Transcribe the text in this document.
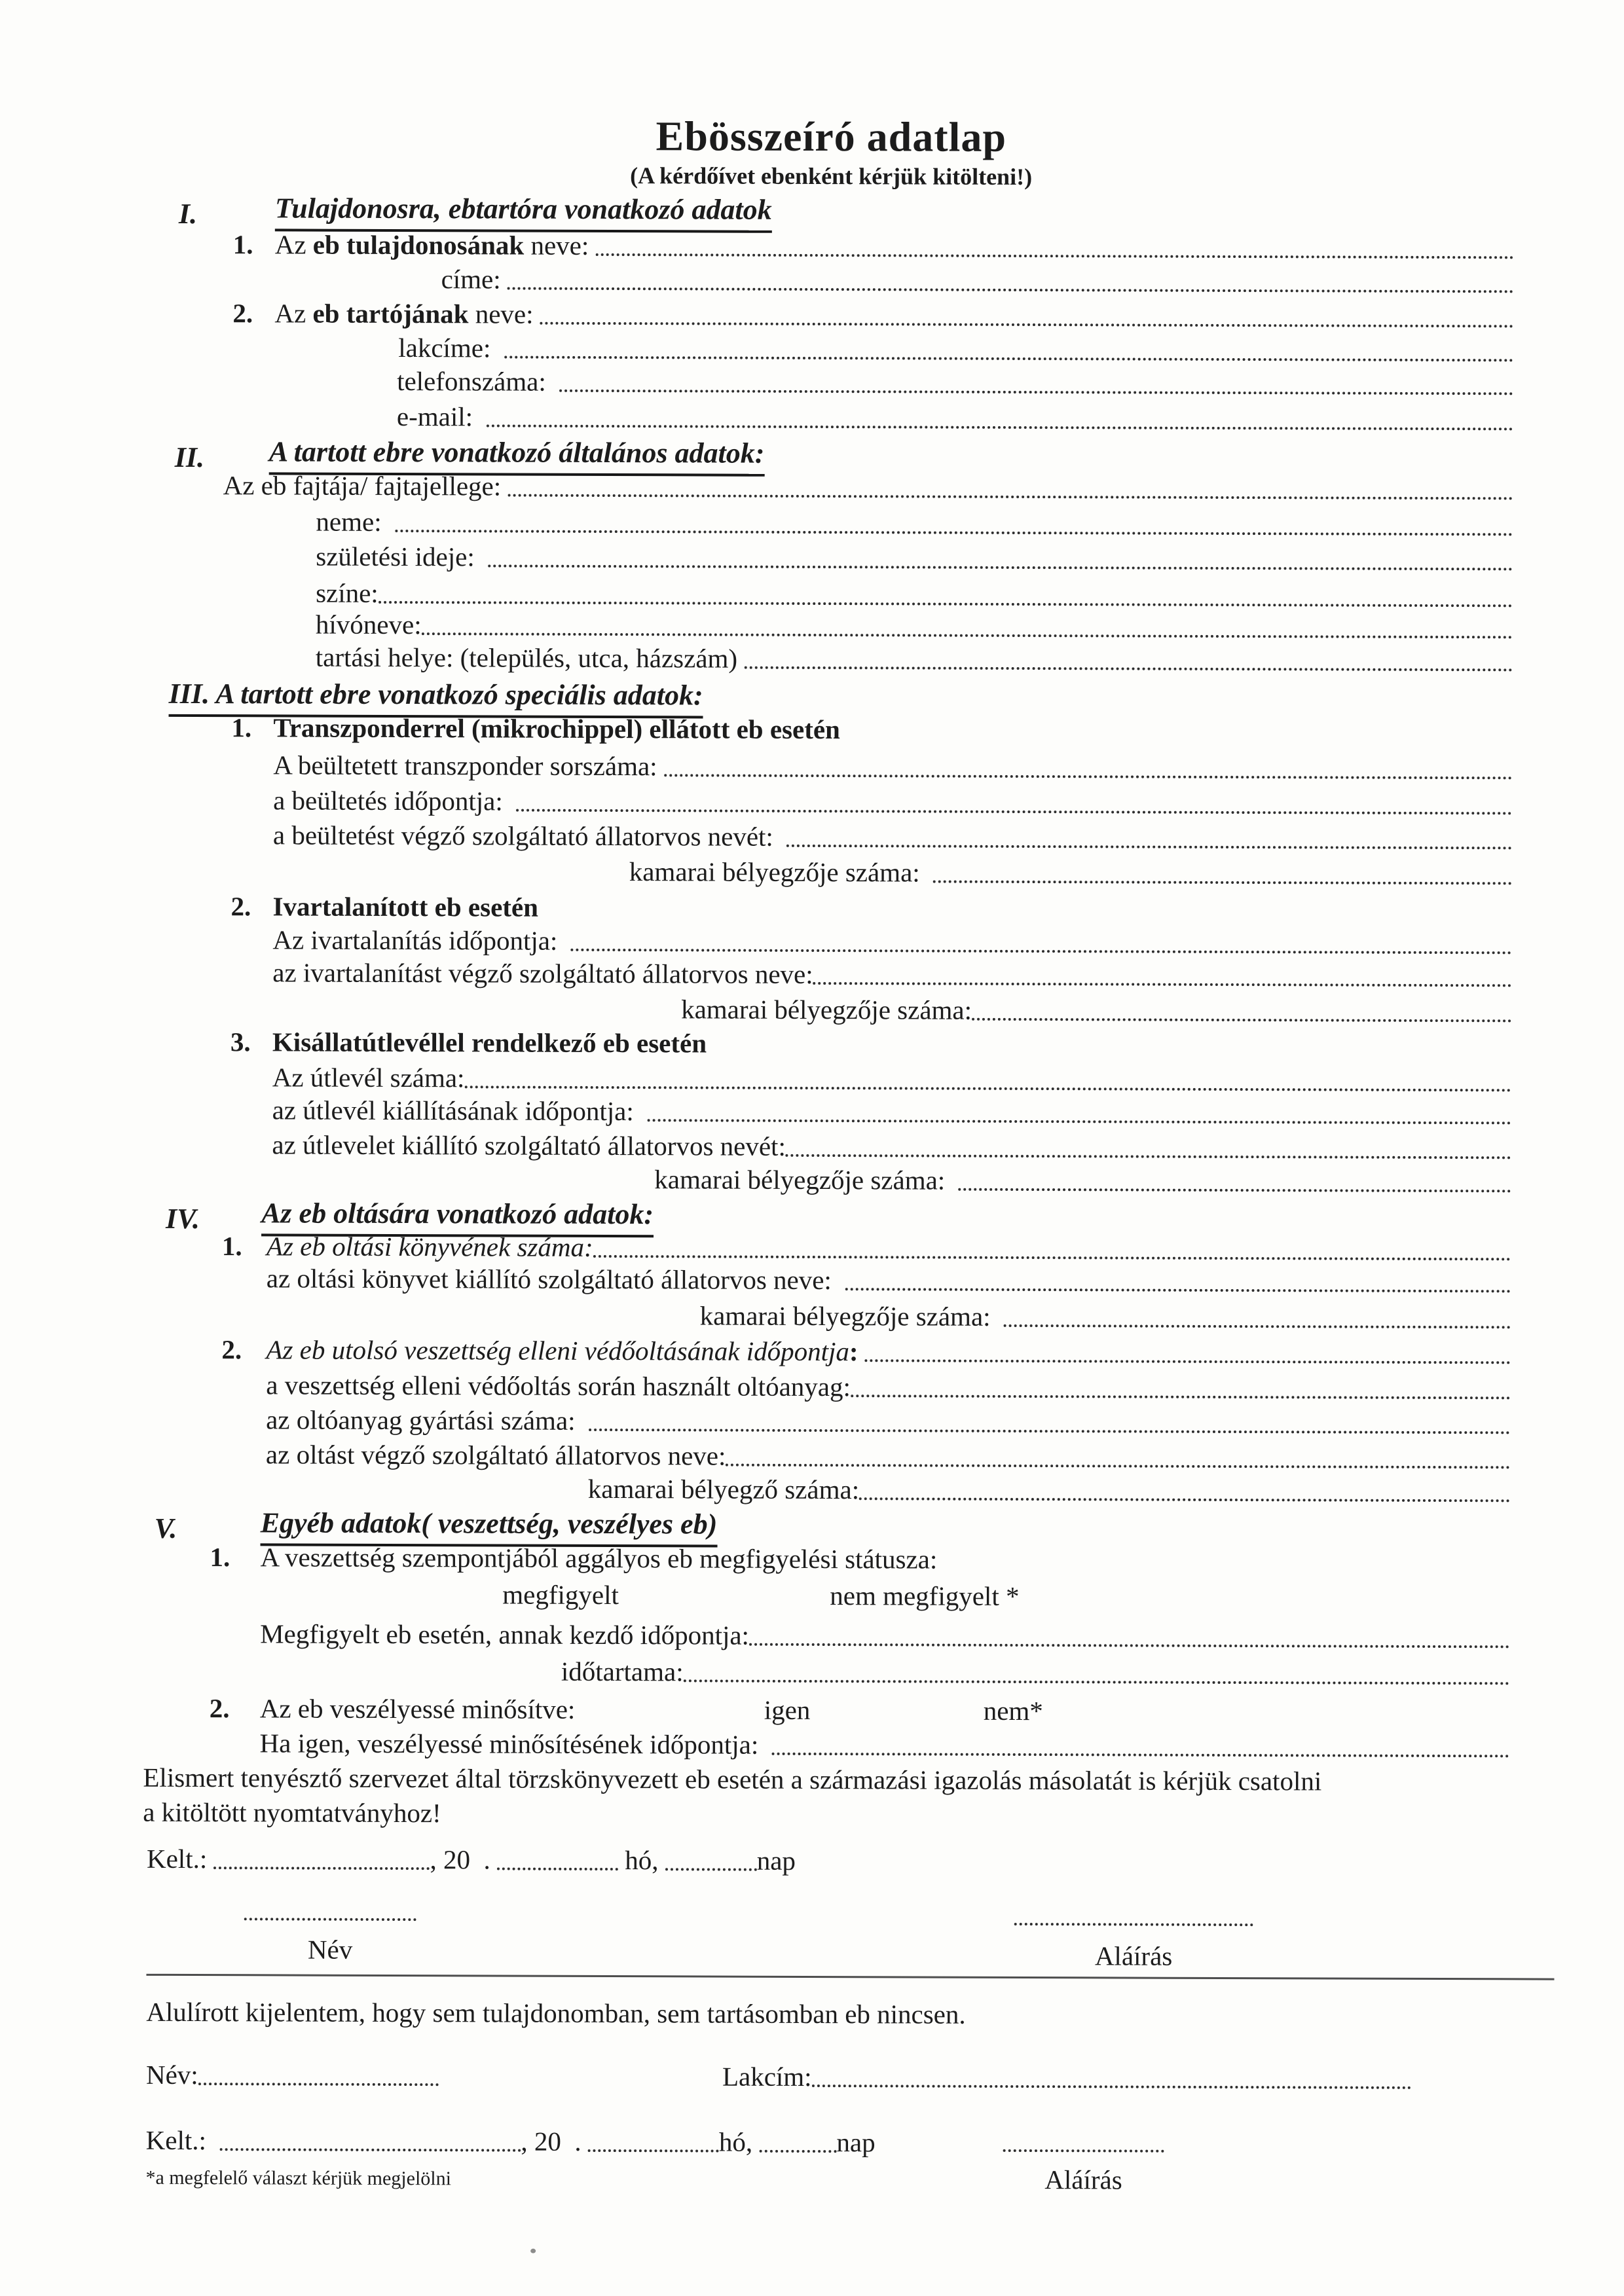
Ebösszeíró adatlap
(A kérdőívet ebenként kérjük kitölteni!)
I.	Tulajdonosra, ebtartóra vonatkozó adatok
1. Az eb tulajdonosának neve:
címe:
2. Az eb tartójának neve:
lakcíme:
telefonszáma:
e-mail:
II. A tartott ebre vonatkozó általános adatok:
Az eb fajtája/ fajtajellege:
neme:
születési ideje:
színe:
hívóneve:
tartási helye: (település, utca, házszám)
III. A tartott ebre vonatkozó speciális adatok:
1. Transzponderrel (mikrochippel) ellátott eb esetén
A beültetett transzponder sorszáma:
a beültetés időpontja:
a beültetést végző szolgáltató állatorvos nevét:
kamarai bélyegzője száma:
2. Ivartalanított eb esetén
Az ivartalanítás időpontja:
az ivartalanítást végző szolgáltató állatorvos neve:
kamarai bélyegzője száma:
3. Kisállatútlevéllel rendelkező eb esetén
Az útlevél száma:
az útlevél kiállításának időpontja:
az útlevelet kiállító szolgáltató állatorvos nevét:
kamarai bélyegzője száma:
IV. Az eb oltására vonatkozó adatok:
1. Az eb oltási könyvének száma:
az oltási könyvet kiállító szolgáltató állatorvos neve:
kamarai bélyegzője száma:
2. Az eb utolsó veszettség elleni védőoltásának időpontja :
a veszettség elleni védőoltás során használt oltóanyag:
az oltóanyag gyártási száma:
az oltást végző szolgáltató állatorvos neve:
kamarai bélyegző száma:
V.	Egyéb adatok( veszettség, veszélyes eb)
1. A veszettség szempontjából aggályos eb megfigyelési státusza:
megfigyelt	nem megfigyelt *
Megfigyelt eb esetén, annak kezdő időpontja:
időtartama:
2. Az eb veszélyessé minősítve:	igen	nem*
Ha igen, veszélyessé minősítésének időpontja:
Elismert tenyésztő szervezet által törzskönyvezett eb esetén a származási igazolás másolatát is kérjük csatolni
a kitöltött nyomtatványhoz!
Kelt.:	, 20  .	hó,	nap
Név	Aláírás
Alulírott kijelentem, hogy sem tulajdonomban, sem tartásomban eb nincsen.
Név:	Lakcím:
Kelt.:	, 20  .	hó,	nap
*a megfelelő választ kérjük megjelölni	Aláírás
